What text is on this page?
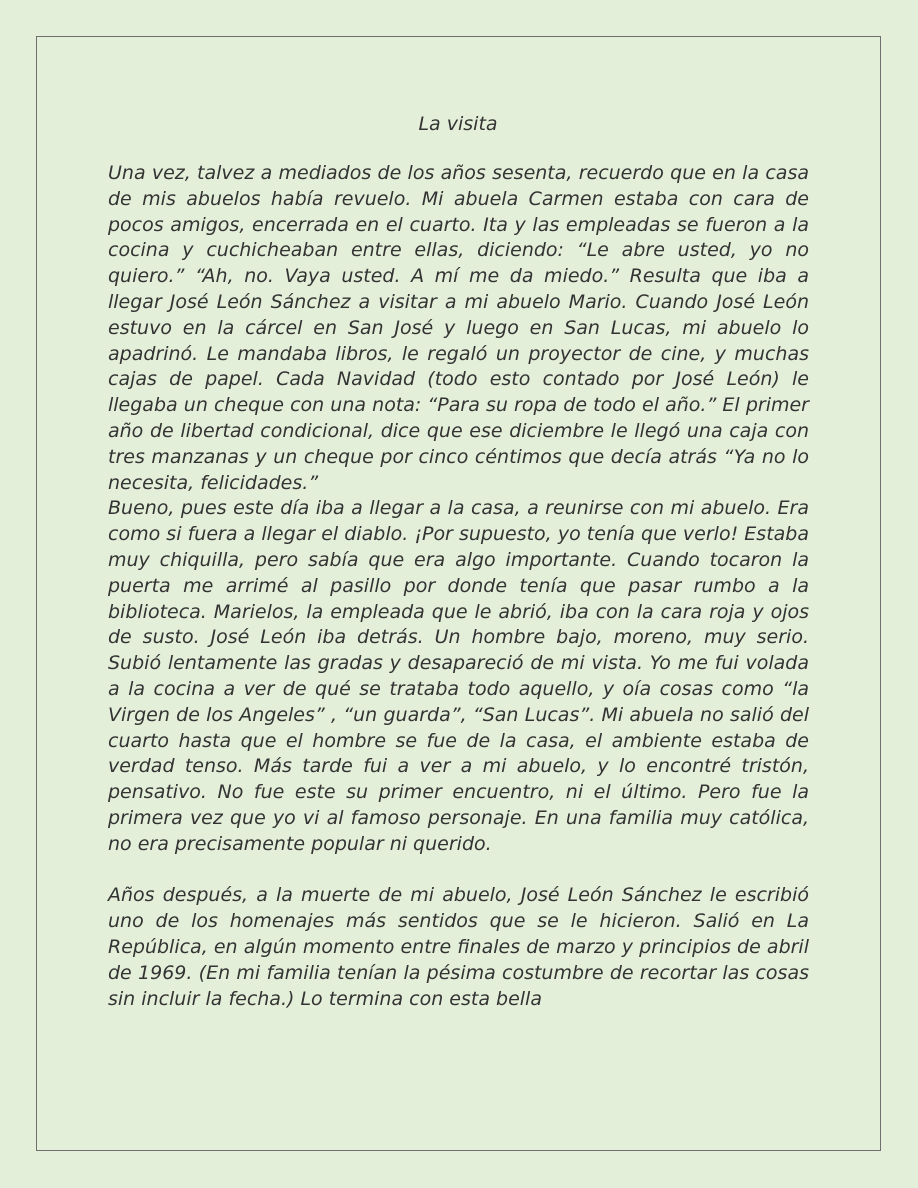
La visita

Una vez, talvez a mediados de los años sesenta, recuerdo que en la casa de mis abuelos había revuelo. Mi abuela Carmen estaba con cara de pocos amigos, encerrada en el cuarto. Ita y las empleadas se fueron a la cocina y cuchicheaban entre ellas, diciendo: “Le abre usted, yo no quiero.” “Ah, no. Vaya usted. A mí me da miedo.” Resulta que iba a llegar José León Sánchez a visitar a mi abuelo Mario. Cuando José León estuvo en la cárcel en San José y luego en San Lucas, mi abuelo lo apadrinó. Le mandaba libros, le regaló un proyector de cine, y muchas cajas de papel. Cada Navidad (todo esto contado por José León) le llegaba un cheque con una nota: “Para su ropa de todo el año.” El primer año de libertad condicional, dice que ese diciembre le llegó una caja con tres manzanas y un cheque por cinco céntimos que decía atrás “Ya no lo necesita, felicidades.”

Bueno, pues este día iba a llegar a la casa, a reunirse con mi abuelo. Era como si fuera a llegar el diablo. ¡Por supuesto, yo tenía que verlo! Estaba muy chiquilla, pero sabía que era algo importante. Cuando tocaron la puerta me arrimé al pasillo por donde tenía que pasar rumbo a la biblioteca. Marielos, la empleada que le abrió, iba con la cara roja y ojos de susto. José León iba detrás. Un hombre bajo, moreno, muy serio. Subió lentamente las gradas y desapareció de mi vista. Yo me fui volada a la cocina a ver de qué se trataba todo aquello, y oía cosas como “la Virgen de los Angeles” , “un guarda”, “San Lucas”. Mi abuela no salió del cuarto hasta que el hombre se fue de la casa, el ambiente estaba de verdad tenso. Más tarde fui a ver a mi abuelo, y lo encontré tristón, pensativo. No fue este su primer encuentro, ni el último. Pero fue la primera vez que yo vi al famoso personaje. En una familia muy católica, no era precisamente popular ni querido.

Años después, a la muerte de mi abuelo, José León Sánchez le escribió uno de los homenajes más sentidos que se le hicieron. Salió en La República, en algún momento entre finales de marzo y principios de abril de 1969. (En mi familia tenían la pésima costumbre de recortar las cosas sin incluir la fecha.) Lo termina con esta bella
